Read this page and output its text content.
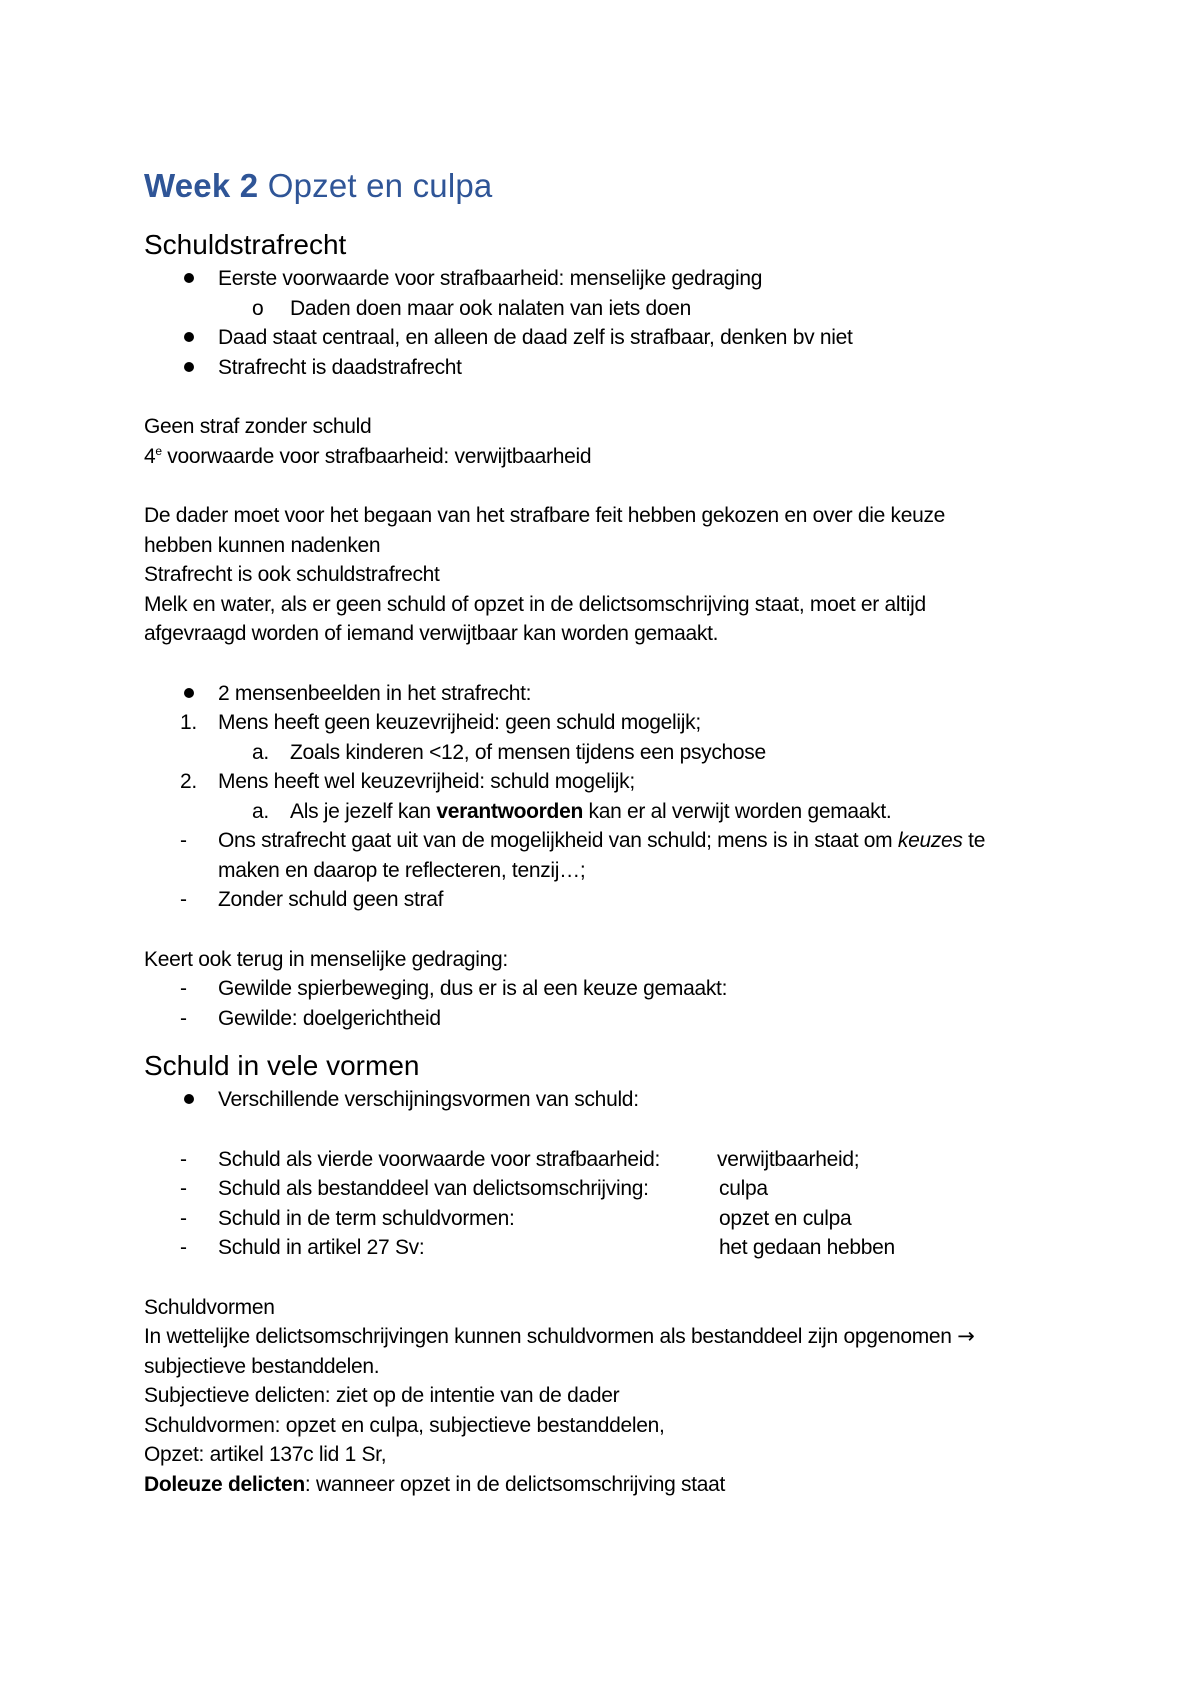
Week 2 Opzet en culpa
Schuldstrafrecht
Eerste voorwaarde voor strafbaarheid: menselijke gedraging
o Daden doen maar ook nalaten van iets doen
Daad staat centraal, en alleen de daad zelf is strafbaar, denken bv niet
Strafrecht is daadstrafrecht

Geen straf zonder schuld

4e voorwaarde voor strafbaarheid: verwijtbaarheid

De dader moet voor het begaan van het strafbare feit hebben gekozen en over die keuze

hebben kunnen nadenken

Strafrecht is ook schuldstrafrecht

Melk en water, als er geen schuld of opzet in de delictsomschrijving staat, moet er altijd

afgevraagd worden of iemand verwijtbaar kan worden gemaakt.

2 mensenbeelden in het strafrecht:
1. Mens heeft geen keuzevrijheid: geen schuld mogelijk;
a. Zoals kinderen <12, of mensen tijdens een psychose
2. Mens heeft wel keuzevrijheid: schuld mogelijk;
a. Als je jezelf kan verantwoorden kan er al verwijt worden gemaakt.
- Ons strafrecht gaat uit van de mogelijkheid van schuld; mens is in staat om keuzes te
maken en daarop te reflecteren, tenzij…;
- Zonder schuld geen straf

Keert ook terug in menselijke gedraging:

- Gewilde spierbeweging, dus er is al een keuze gemaakt:
- Gewilde: doelgerichtheid
Schuld in vele vormen
Verschillende verschijningsvormen van schuld:
- Schuld als vierde voorwaarde voor strafbaarheid:	verwijtbaarheid;
- Schuld als bestanddeel van delictsomschrijving:	culpa
- Schuld in de term schuldvormen:	opzet en culpa
- Schuld in artikel 27 Sv:	het gedaan hebben

Schuldvormen

In wettelijke delictsomschrijvingen kunnen schuldvormen als bestanddeel zijn opgenomen →

subjectieve bestanddelen.

Subjectieve delicten: ziet op de intentie van de dader

Schuldvormen: opzet en culpa, subjectieve bestanddelen,

Opzet: artikel 137c lid 1 Sr,

Doleuze delicten: wanneer opzet in de delictsomschrijving staat
